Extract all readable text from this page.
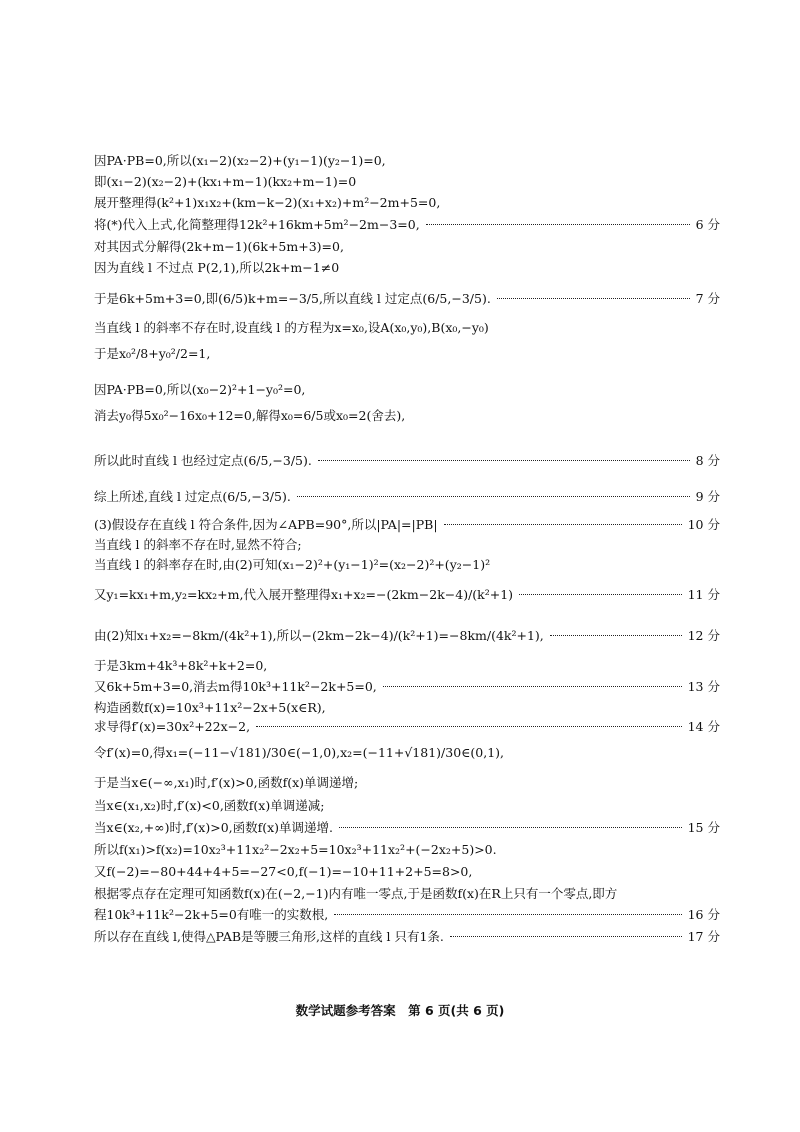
因PA·PB=0,所以(x₁−2)(x₂−2)+(y₁−1)(y₂−1)=0,
即(x₁−2)(x₂−2)+(kx₁+m−1)(kx₂+m−1)=0
展开整理得(k²+1)x₁x₂+(km−k−2)(x₁+x₂)+m²−2m+5=0,
将(*)代入上式,化简整理得12k²+16km+5m²−2m−3=0,	6 分
对其因式分解得(2k+m−1)(6k+5m+3)=0,
因为直线 l 不过点 P(2,1),所以2k+m−1≠0
于是6k+5m+3=0,即(6/5)k+m=−3/5,所以直线 l 过定点(6/5,−3/5).	7 分
当直线 l 的斜率不存在时,设直线 l 的方程为x=x₀,设A(x₀,y₀),B(x₀,−y₀)
于是x₀²/8+y₀²/2=1,
因PA·PB=0,所以(x₀−2)²+1−y₀²=0,
消去y₀得5x₀²−16x₀+12=0,解得x₀=6/5或x₀=2(舍去),
所以此时直线 l 也经过定点(6/5,−3/5).	8 分
综上所述,直线 l 过定点(6/5,−3/5).	9 分
(3)假设存在直线 l 符合条件,因为∠APB=90°,所以|PA|=|PB|	10 分
当直线 l 的斜率不存在时,显然不符合;
当直线 l 的斜率存在时,由(2)可知(x₁−2)²+(y₁−1)²=(x₂−2)²+(y₂−1)²
又y₁=kx₁+m,y₂=kx₂+m,代入展开整理得x₁+x₂=−(2km−2k−4)/(k²+1)	11 分
由(2)知x₁+x₂=−8km/(4k²+1),所以−(2km−2k−4)/(k²+1)=−8km/(4k²+1),	12 分
于是3km+4k³+8k²+k+2=0,
又6k+5m+3=0,消去m得10k³+11k²−2k+5=0,	13 分
构造函数f(x)=10x³+11x²−2x+5(x∈R),
求导得f′(x)=30x²+22x−2,	14 分
令f′(x)=0,得x₁=(−11−√181)/30∈(−1,0),x₂=(−11+√181)/30∈(0,1),
于是当x∈(−∞,x₁)时,f′(x)>0,函数f(x)单调递增;
当x∈(x₁,x₂)时,f′(x)<0,函数f(x)单调递减;
当x∈(x₂,+∞)时,f′(x)>0,函数f(x)单调递增.	15 分
所以f(x₁)>f(x₂)=10x₂³+11x₂²−2x₂+5=10x₂³+11x₂²+(−2x₂+5)>0.
又f(−2)=−80+44+4+5=−27<0,f(−1)=−10+11+2+5=8>0,
根据零点存在定理可知函数f(x)在(−2,−1)内有唯一零点,于是函数f(x)在R上只有一个零点,即方
程10k³+11k²−2k+5=0有唯一的实数根,	16 分
所以存在直线 l,使得△PAB是等腰三角形,这样的直线 l 只有1条.	17 分
数学试题参考答案　第 6 页(共 6 页)
